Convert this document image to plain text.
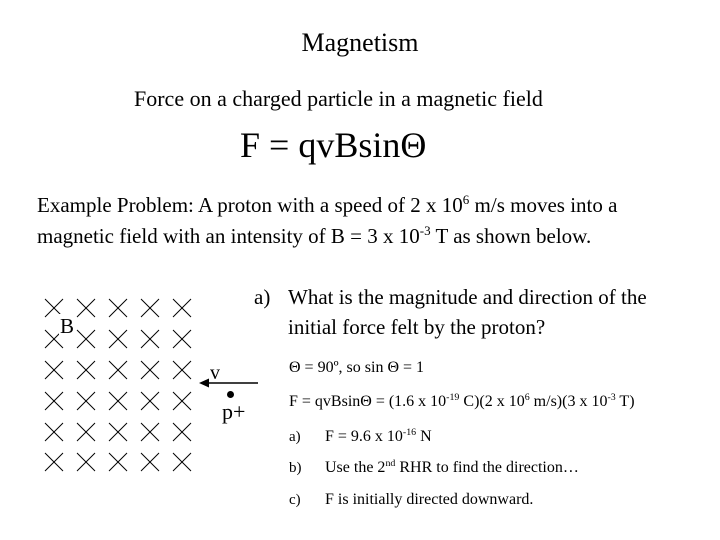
Magnetism
Force on a charged particle in a magnetic field
F = qvBsinΘ
Example Problem: A proton with a speed of 2 x $10^6$ m/s moves into a
magnetic field with an intensity of B = 3 x $10^{-3}$ T as shown below.
B
v
p+
a) What is the magnitude and direction of the
initial force felt by the proton?
Θ = 90º, so sin Θ = 1
F = qvBsinΘ = (1.6 x $10^{-19}$ C)(2 x $10^6$ m/s)(3 x $10^{-3}$ T)
a) F = 9.6 x $10^{-16}$ N
b) Use the 2nd RHR to find the direction…
c) F is initially directed downward.
